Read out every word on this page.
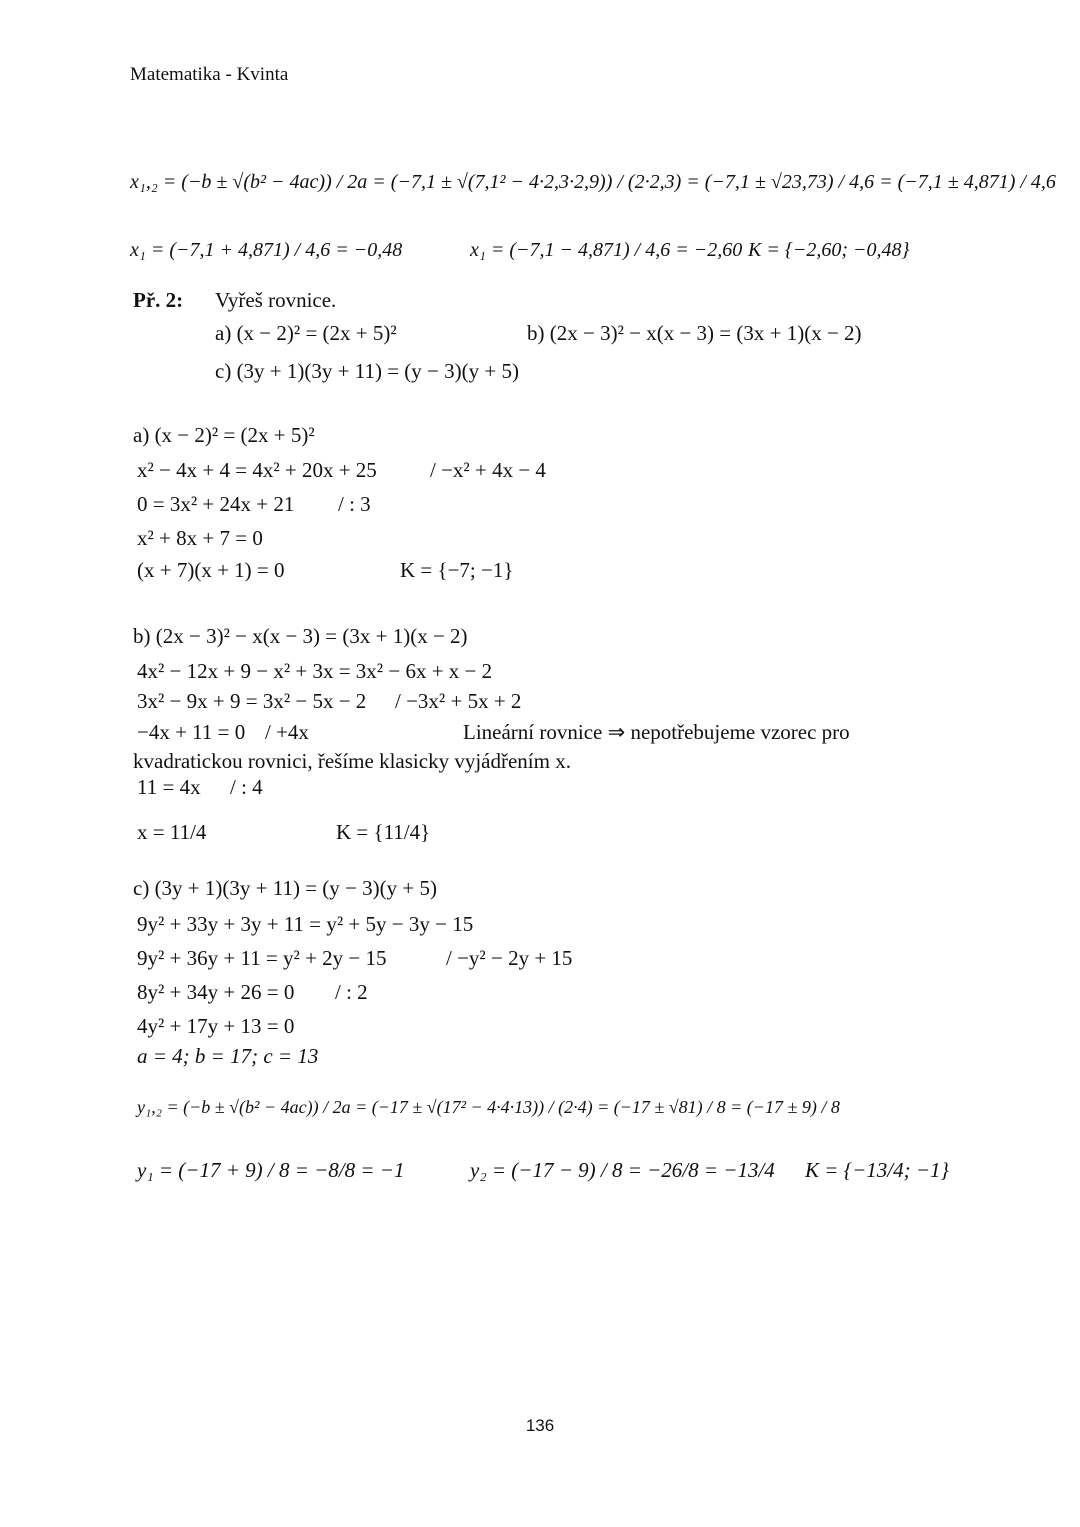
Matematika - Kvinta
x₁,₂ = (−b ± √(b² − 4ac)) / 2a = (−7,1 ± √(7,1² − 4·2,3·2,9)) / (2·2,3) = (−7,1 ± √23,73) / 4,6 = (−7,1 ± 4,871) / 4,6
x₁ = (−7,1 + 4,871) / 4,6 = −0,48	x₁ = (−7,1 − 4,871) / 4,6 = −2,60 K = {−2,60; −0,48}
Př. 2: Vyřeš rovnice.
a) (x − 2)² = (2x + 5)²	b) (2x − 3)² − x(x − 3) = (3x + 1)(x − 2)
c) (3y + 1)(3y + 11) = (y − 3)(y + 5)
a) (x − 2)² = (2x + 5)²
x² − 4x + 4 = 4x² + 20x + 25	/ −x² + 4x − 4
0 = 3x² + 24x + 21 / : 3
x² + 8x + 7 = 0
(x + 7)(x + 1) = 0	K = {−7; −1}
b) (2x − 3)² − x(x − 3) = (3x + 1)(x − 2)
4x² − 12x + 9 − x² + 3x = 3x² − 6x + x − 2
3x² − 9x + 9 = 3x² − 5x − 2 / −3x² + 5x + 2
−4x + 11 = 0 / +4x	Lineární rovnice ⇒ nepotřebujeme vzorec pro
kvadratickou rovnici, řešíme klasicky vyjádřením x.
11 = 4x / : 4
x = 11/4	K = {11/4}
c) (3y + 1)(3y + 11) = (y − 3)(y + 5)
9y² + 33y + 3y + 11 = y² + 5y − 3y − 15
9y² + 36y + 11 = y² + 2y − 15	/ −y² − 2y + 15
8y² + 34y + 26 = 0 / : 2
4y² + 17y + 13 = 0
a = 4; b = 17; c = 13
y₁,₂ = (−b ± √(b² − 4ac)) / 2a = (−17 ± √(17² − 4·4·13)) / (2·4) = (−17 ± √81) / 8 = (−17 ± 9) / 8
y₁ = (−17 + 9) / 8 = −8/8 = −1	y₂ = (−17 − 9) / 8 = −26/8 = −13/4 K = {−13/4; −1}
136
